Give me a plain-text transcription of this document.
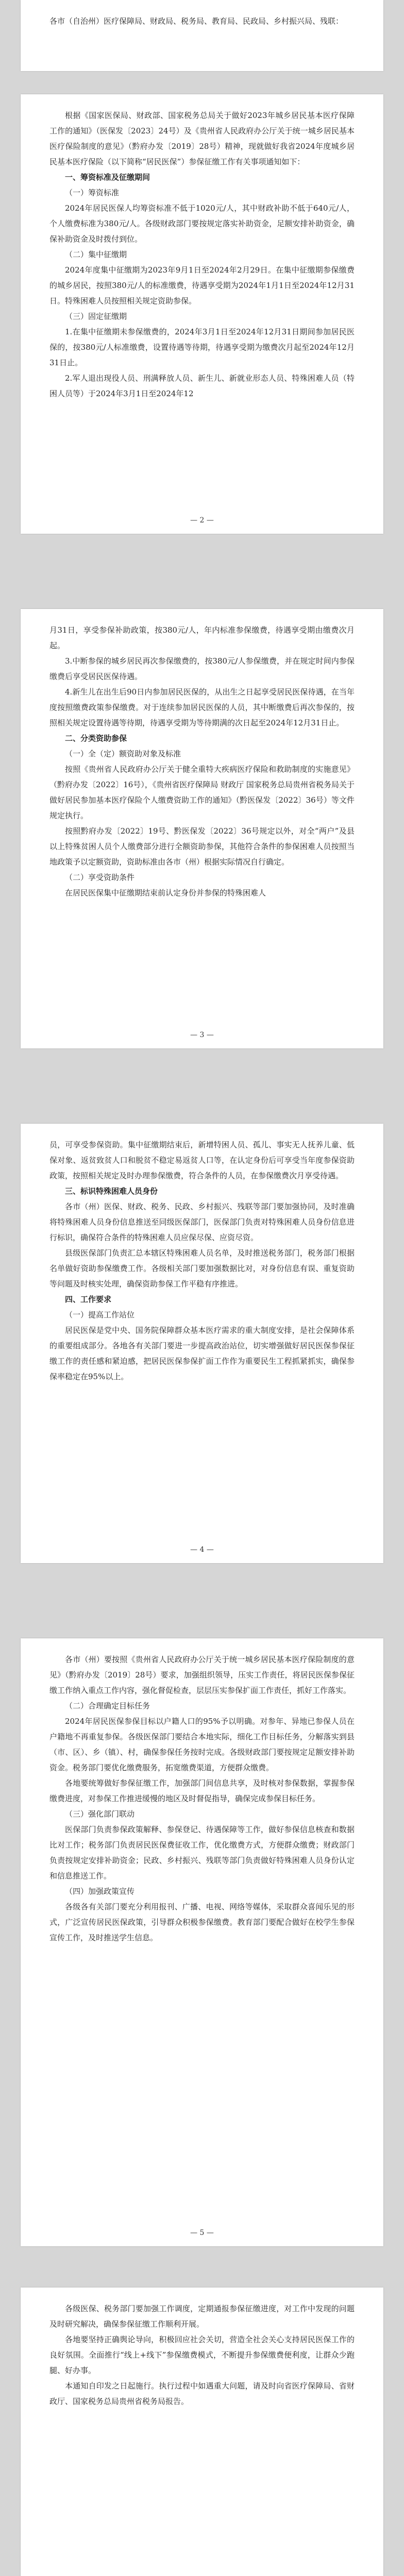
各市（自治州）医疗保障局、财政局、税务局、教育局、民政局、乡村振兴局、残联：

根据《国家医保局、财政部、国家税务总局关于做好2023年城乡居民基本医疗保障工作的通知》（医保发〔2023〕24号）及《贵州省人民政府办公厅关于统一城乡居民基本医疗保险制度的意见》（黔府办发〔2019〕28号）精神，现就做好我省2024年度城乡居民基本医疗保险（以下简称“居民医保”）参保征缴工作有关事项通知如下：

一、筹资标准及征缴期间
（一）筹资标准

2024年居民医保人均筹资标准不低于1020元/人，其中财政补助不低于640元/人，个人缴费标准为380元/人。各级财政部门要按规定落实补助资金，足额安排补助资金，确保补助资金及时拨付到位。

（二）集中征缴期

2024年度集中征缴期为2023年9月1日至2024年2月29日。在集中征缴期参保缴费的城乡居民，按照380元/人的标准缴费，待遇享受期为2024年1月1日至2024年12月31日。特殊困难人员按照相关规定资助参保。

（三）固定征缴期

1.在集中征缴期未参保缴费的，2024年3月1日至2024年12月31日期间参加居民医保的，按380元/人标准缴费，设置待遇等待期，待遇享受期为缴费次月起至2024年12月31日止。

2.军人退出现役人员、刑满释放人员、新生儿、新就业形态人员、特殊困难人员（特困人员等）于2024年3月1日至2024年12

— 2 —

月31日，享受参保补助政策，按380元/人，年内标准参保缴费，待遇享受期由缴费次月起。

3.中断参保的城乡居民再次参保缴费的，按380元/人参保缴费，并在规定时间内参保缴费后享受居民医保待遇。

4.新生儿在出生后90日内参加居民医保的，从出生之日起享受居民医保待遇，在当年度按照缴费政策参保缴费。对于连续参加居民医保的人员，其中断缴费后再次参保的，按照相关规定设置待遇等待期，待遇享受期为等待期满的次日起至2024年12月31日止。

二、分类资助参保
（一）全（定）额资助对象及标准

按照《贵州省人民政府办公厅关于健全重特大疾病医疗保险和救助制度的实施意见》（黔府办发〔2022〕16号），《贵州省医疗保障局 财政厅 国家税务总局贵州省税务局关于做好居民参加基本医疗保险个人缴费资助工作的通知》（黔医保发〔2022〕36号）等文件规定执行。

按照黔府办发〔2022〕19号、黔医保发〔2022〕36号规定以外，对全“两户”及县以上特殊贫困人员个人缴费部分进行全额资助参保，其他符合条件的参保困难人员按照当地政策予以定额资助，资助标准由各市（州）根据实际情况自行确定。

（二）享受资助条件

在居民医保集中征缴期结束前认定身份并参保的特殊困难人

— 3 —

员，可享受参保资助。集中征缴期结束后，新增特困人员、孤儿、事实无人抚养儿童、低保对象、返贫致贫人口和脱贫不稳定易返贫人口等，在认定身份后可享受当年度参保资助政策，按照相关规定及时办理参保缴费，符合条件的人员，在参保缴费次月享受待遇。

三、标识特殊困难人员身份

各市（州）医保、财政、税务、民政、乡村振兴、残联等部门要加强协同，及时准确将特殊困难人员身份信息推送至同级医保部门，医保部门负责对特殊困难人员身份信息进行标识，确保符合条件的特殊困难人员应保尽保、应资尽资。

县级医保部门负责汇总本辖区特殊困难人员名单，及时推送税务部门，税务部门根据名单做好资助参保缴费工作。各级相关部门要加强数据比对，对身份信息有误、重复资助等问题及时核实处理，确保资助参保工作平稳有序推进。

四、工作要求
（一）提高工作站位

居民医保是党中央、国务院保障群众基本医疗需求的重大制度安排，是社会保障体系的重要组成部分。各地各有关部门要进一步提高政治站位，切实增强做好居民医保参保征缴工作的责任感和紧迫感，把居民医保参保扩面工作作为重要民生工程抓紧抓实，确保参保率稳定在95%以上。

— 4 —

各市（州）要按照《贵州省人民政府办公厅关于统一城乡居民基本医疗保险制度的意见》（黔府办发〔2019〕28号）要求，加强组织领导，压实工作责任，将居民医保参保征缴工作纳入重点工作内容，强化督促检查，层层压实参保扩面工作责任，抓好工作落实。

（二）合理确定目标任务

2024年居民医保参保目标以户籍人口的95%予以明确。对参年、异地已参保人员在户籍地不再重复参保。各级医保部门要结合本地实际，细化工作目标任务，分解落实到县（市、区）、乡（镇）、村，确保参保任务按时完成。各级财政部门要按规定足额安排补助资金。税务部门要优化缴费服务，拓宽缴费渠道，方便群众缴费。

各地要统筹做好参保征缴工作，加强部门间信息共享，及时核对参保数据，掌握参保缴费进度，对参保工作推进缓慢的地区及时督促指导，确保完成参保目标任务。

（三）强化部门联动

医保部门负责参保政策解释、参保登记、待遇保障等工作，做好参保信息核查和数据比对工作；税务部门负责居民医保费征收工作，优化缴费方式，方便群众缴费；财政部门负责按规定安排补助资金；民政、乡村振兴、残联等部门负责做好特殊困难人员身份认定和信息推送工作。

（四）加强政策宣传

各级各有关部门要充分利用报刊、广播、电视、网络等媒体，采取群众喜闻乐见的形式，广泛宣传居民医保政策，引导群众积极参保缴费。教育部门要配合做好在校学生参保宣传工作，及时推送学生信息。

— 5 —

各级医保、税务部门要加强工作调度，定期通报参保征缴进度，对工作中发现的问题及时研究解决，确保参保征缴工作顺利开展。

各地要坚持正确舆论导向，积极回应社会关切，营造全社会关心支持居民医保工作的良好氛围。全面推行“线上+线下”参保缴费模式，不断提升参保缴费便利度，让群众少跑腿、好办事。

本通知自印发之日起施行。执行过程中如遇重大问题，请及时向省医疗保障局、省财政厅、国家税务总局贵州省税务局报告。
